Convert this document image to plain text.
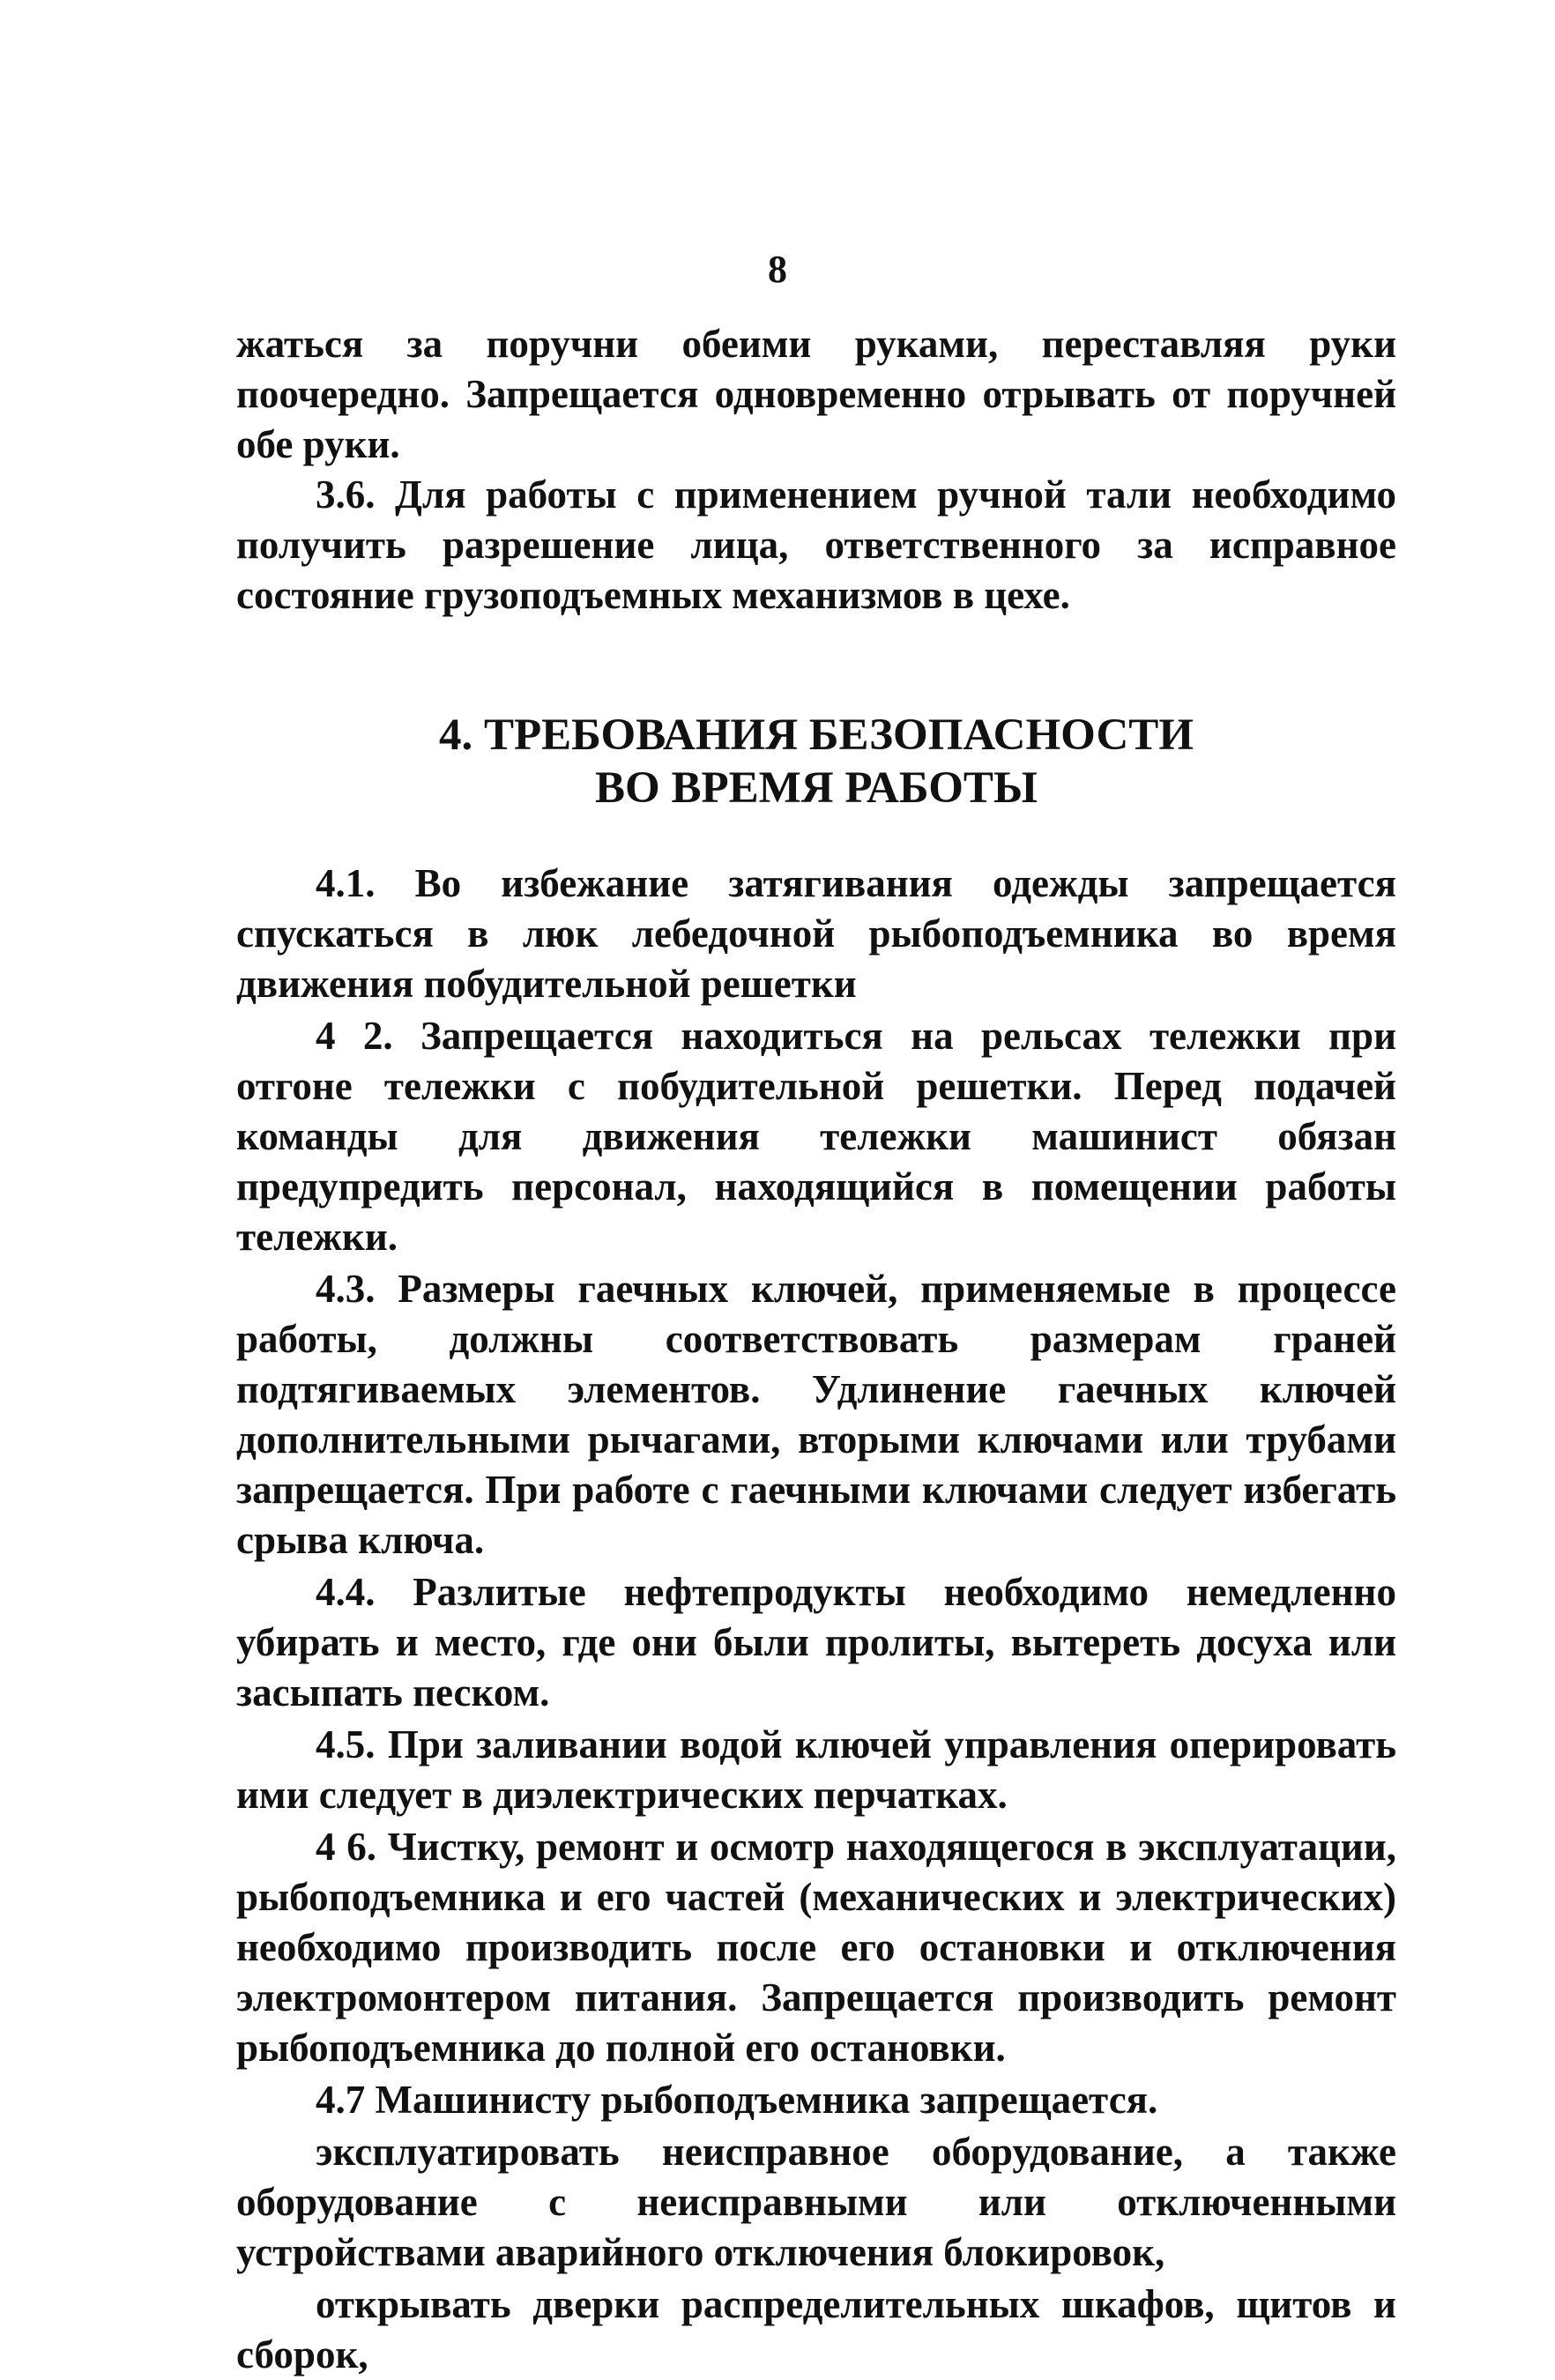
8

жаться за поручни обеими руками, переставляя руки поочередно. Запрещается одновременно отрывать от поручней обе руки.

3.6. Для работы с применением ручной тали необходимо получить разрешение лица, ответственного за исправное состояние грузоподъемных механизмов в цехе.

4. ТРЕБОВАНИЯ БЕЗОПАСНОСТИ
ВО ВРЕМЯ РАБОТЫ

4.1. Во избежание затягивания одежды запрещается спускаться в люк лебедочной рыбоподъемника во время движения побудительной решетки

4 2. Запрещается находиться на рельсах тележки при отгоне тележки с побудительной решетки. Перед подачей команды для движения тележки машинист обязан предупредить персонал, находящийся в помещении работы тележки.

4.3. Размеры гаечных ключей, применяемые в процессе работы, должны соответствовать размерам граней подтягиваемых элементов. Удлинение гаечных ключей дополнительными рычагами, вторыми ключами или трубами запрещается. При работе с гаечными ключами следует избегать срыва ключа.

4.4. Разлитые нефтепродукты необходимо немедленно убирать и место, где они были пролиты, вытереть досуха или засыпать песком.

4.5. При заливании водой ключей управления оперировать ими следует в диэлектрических перчатках.

4 6. Чистку, ремонт и осмотр находящегося в эксплуатации, рыбоподъемника и его частей (механических и электрических) необходимо производить после его остановки и отключения электромонтером питания. Запрещается производить ремонт рыбоподъемника до полной его остановки.

4.7 Машинисту рыбоподъемника запрещается.

эксплуатировать неисправное оборудование, а также оборудование с неисправными или отключенными устройствами аварийного отключения блокировок,

открывать дверки распределительных шкафов, щитов и сборок,
